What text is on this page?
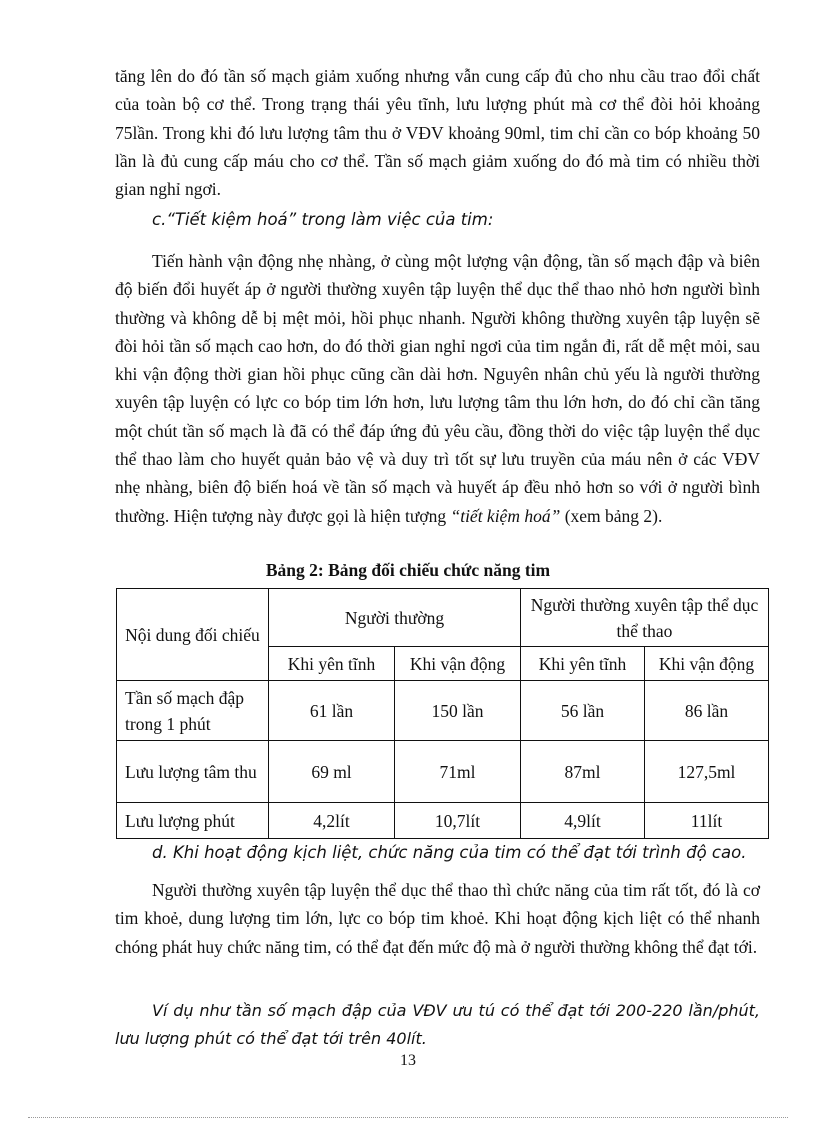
tăng lên do đó tần số mạch giảm xuống nhưng vẫn cung cấp đủ cho nhu cầu trao đổi chất của toàn bộ cơ thể. Trong trạng thái yêu tĩnh, lưu lượng phút mà cơ thể đòi hỏi khoảng 75lần. Trong khi đó lưu lượng tâm thu ở VĐV khoảng 90ml, tim chỉ cần co bóp khoảng 50 lần là đủ cung cấp máu cho cơ thể. Tần số mạch giảm xuống do đó mà tim có nhiều thời gian nghỉ ngơi.

c.“Tiết kiệm hoá” trong làm việc của tim:

Tiến hành vận động nhẹ nhàng, ở cùng một lượng vận động, tần số mạch đập và biên độ biến đổi huyết áp ở người thường xuyên tập luyện thể dục thể thao nhỏ hơn người bình thường và không dễ bị mệt mỏi, hồi phục nhanh. Người không thường xuyên tập luyện sẽ đòi hỏi tần số mạch cao hơn, do đó thời gian nghỉ ngơi của tim ngắn đi, rất dễ mệt mỏi, sau khi vận động thời gian hồi phục cũng cần dài hơn. Nguyên nhân chủ yếu là người thường xuyên tập luyện có lực co bóp tim lớn hơn, lưu lượng tâm thu lớn hơn, do đó chỉ cần tăng một chút tần số mạch là đã có thể đáp ứng đủ yêu cầu, đồng thời do việc tập luyện thể dục thể thao làm cho huyết quản bảo vệ và duy trì tốt sự lưu truyền của máu nên ở các VĐV nhẹ nhàng, biên độ biến hoá về tần số mạch và huyết áp đều nhỏ hơn so với ở người bình thường. Hiện tượng này được gọi là hiện tượng “tiết kiệm hoá” (xem bảng 2).

Bảng 2: Bảng đối chiếu chức năng tim

Nội dung đối chiếu	Người thường		Người thường xuyên tập thể dục thể thao	
	Khi yên tĩnh	Khi vận động	Khi yên tĩnh	Khi vận động
Tần số mạch đập trong 1 phút	61 lần	150 lần	56 lần	86 lần
Lưu lượng tâm thu	69 ml	71ml	87ml	127,5ml
Lưu lượng phút	4,2lít	10,7lít	4,9lít	11lít

d. Khi hoạt động kịch liệt, chức năng của tim có thể đạt tới trình độ cao.

Người thường xuyên tập luyện thể dục thể thao thì chức năng của tim rất tốt, đó là cơ tim khoẻ, dung lượng tim lớn, lực co bóp tim khoẻ. Khi hoạt động kịch liệt có thể nhanh chóng phát huy chức năng tim, có thể đạt đến mức độ mà ở người thường không thể đạt tới.

Ví dụ như tần số mạch đập của VĐV ưu tú có thể đạt tới 200-220 lần/phút, lưu lượng phút có thể đạt tới trên 40lít.

13
